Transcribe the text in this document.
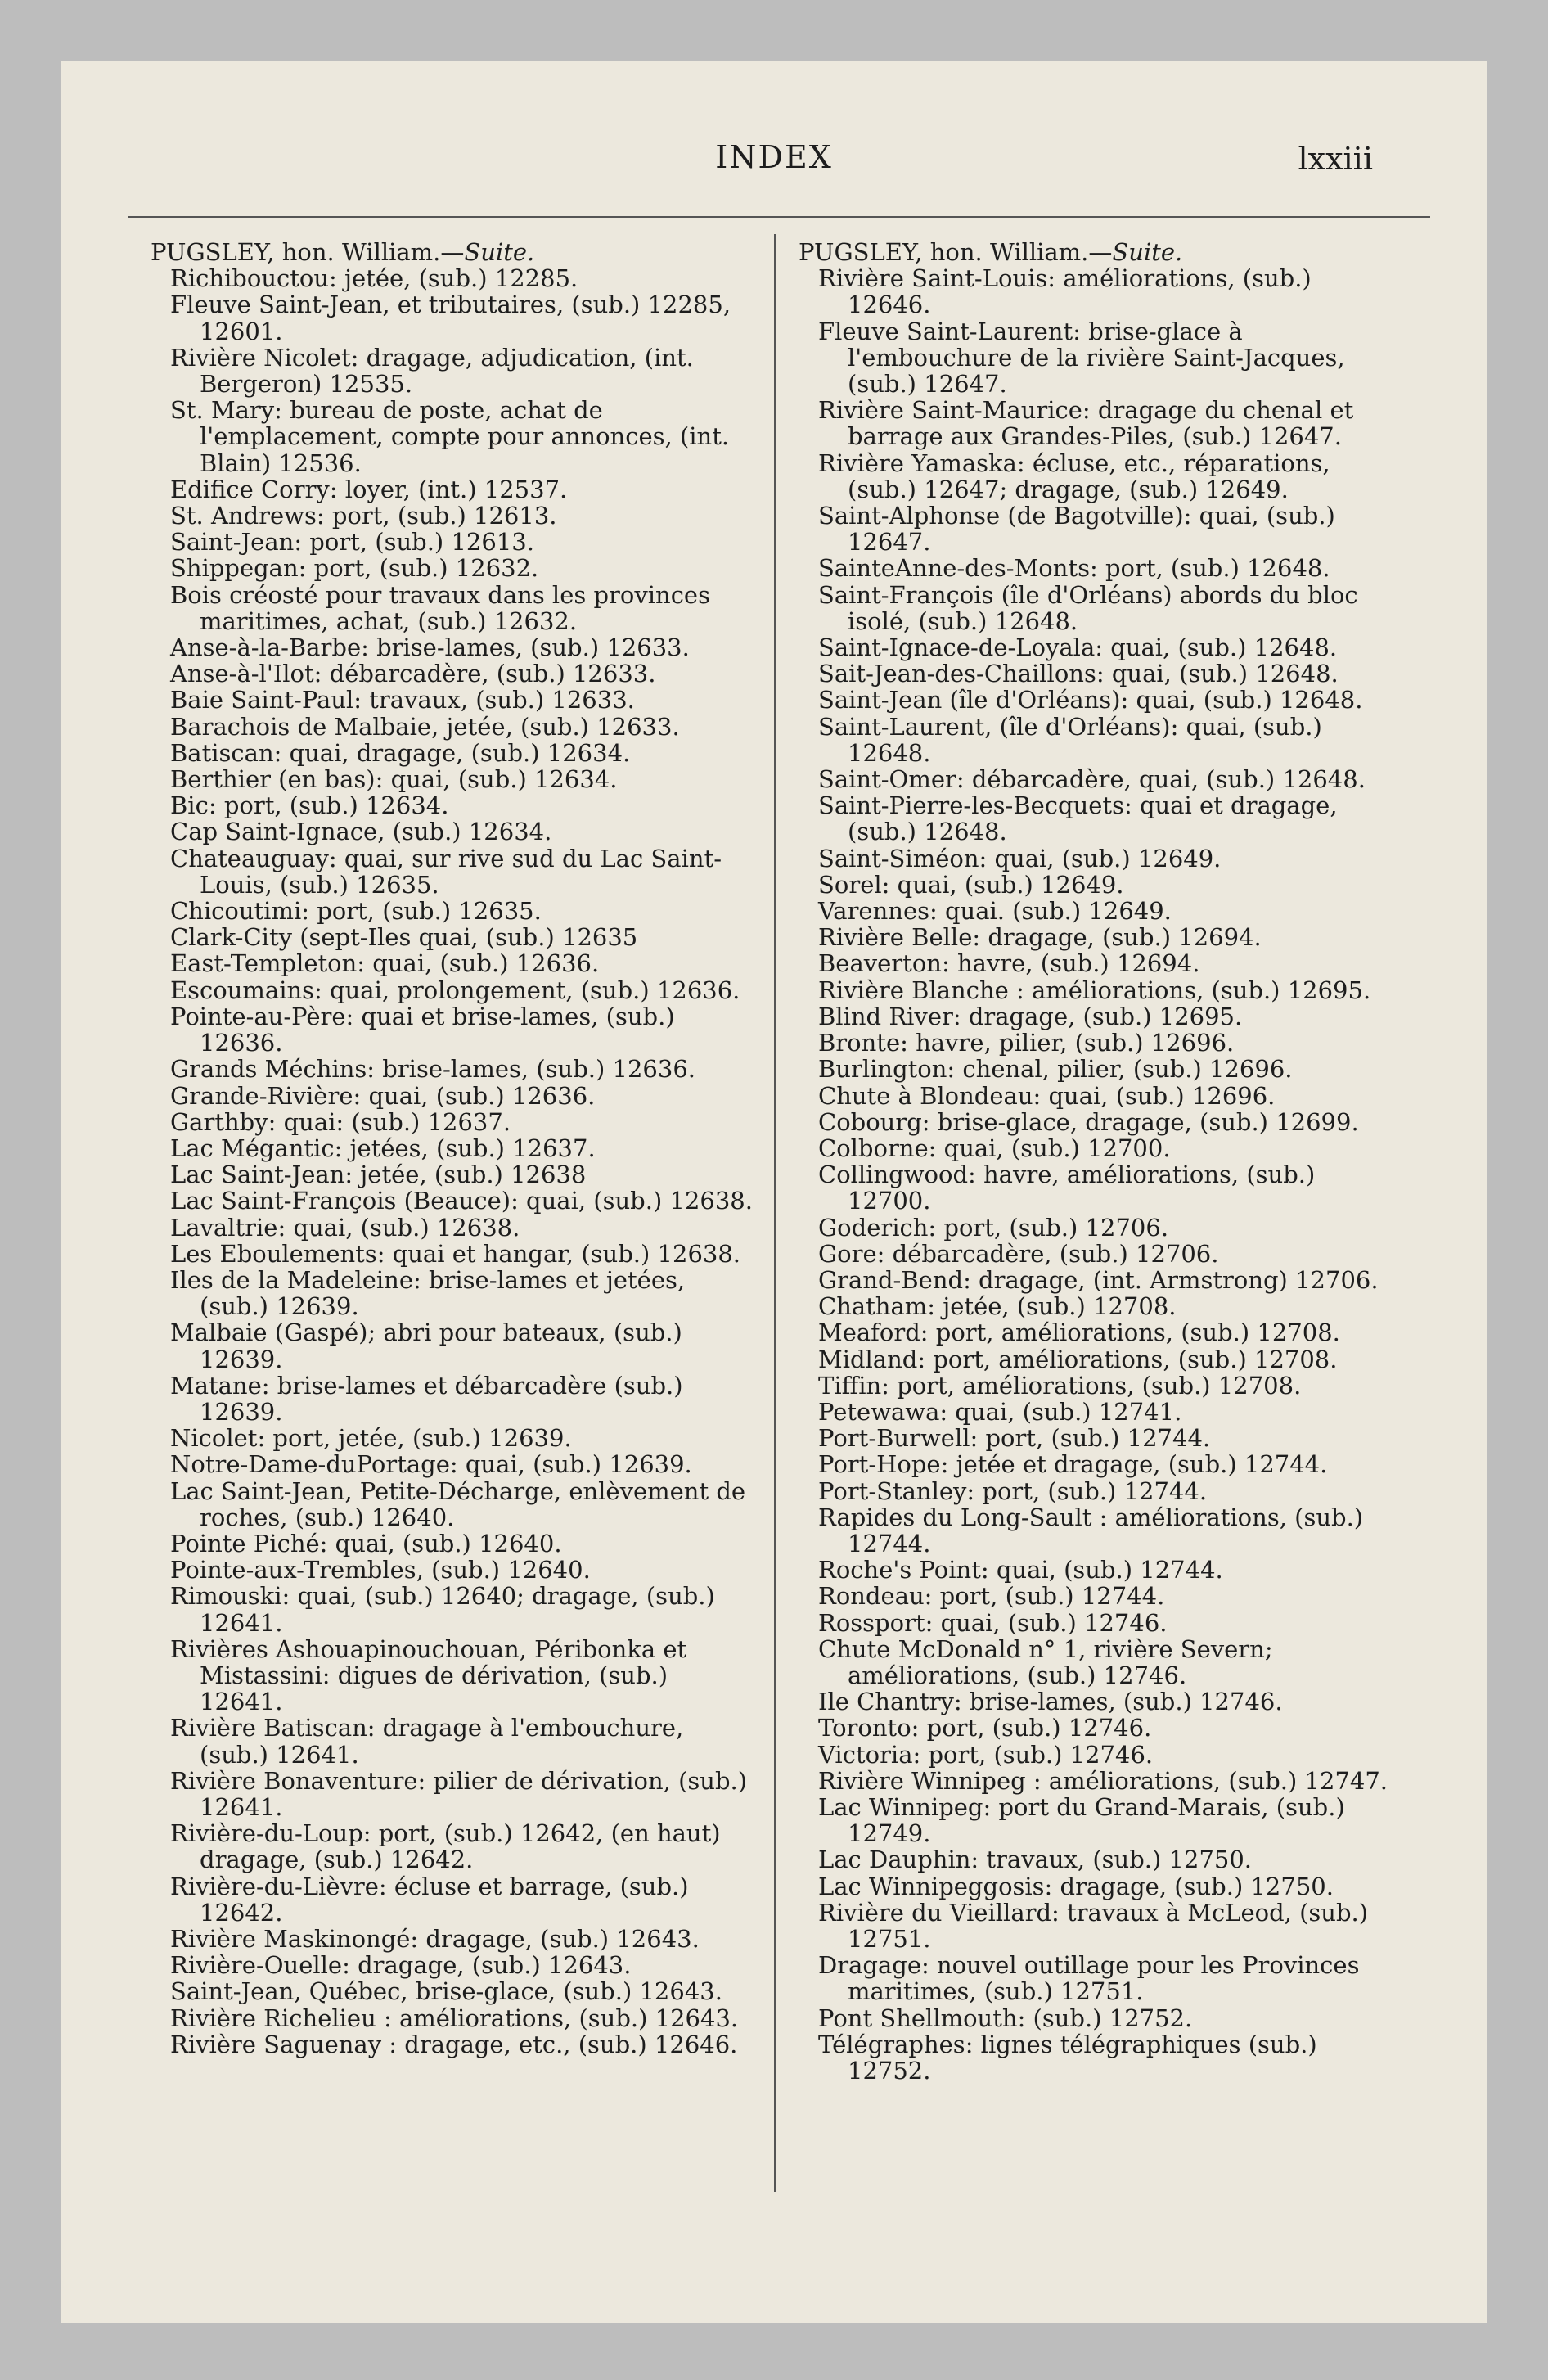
INDEX	lxxiii

PUGSLEY, hon. William.—Suite.

Richibouctou: jetée, (sub.) 12285.

Fleuve Saint-Jean, et tributaires, (sub.) 12285, 12601.

Rivière Nicolet: dragage, adjudication, (int. Bergeron) 12535.

St. Mary: bureau de poste, achat de l'emplacement, compte pour annonces, (int. Blain) 12536.

Edifice Corry: loyer, (int.) 12537.

St. Andrews: port, (sub.) 12613.

Saint-Jean: port, (sub.) 12613.

Shippegan: port, (sub.) 12632.

Bois créosté pour travaux dans les provinces maritimes, achat, (sub.) 12632.

Anse-à-la-Barbe: brise-lames, (sub.) 12633.

Anse-à-l'Ilot: débarcadère, (sub.) 12633.

Baie Saint-Paul: travaux, (sub.) 12633.

Barachois de Malbaie, jetée, (sub.) 12633.

Batiscan: quai, dragage, (sub.) 12634.

Berthier (en bas): quai, (sub.) 12634.

Bic: port, (sub.) 12634.

Cap Saint-Ignace, (sub.) 12634.

Chateauguay: quai, sur rive sud du Lac Saint-Louis, (sub.) 12635.

Chicoutimi: port, (sub.) 12635.

Clark-City (sept-Iles quai, (sub.) 12635

East-Templeton: quai, (sub.) 12636.

Escoumains: quai, prolongement, (sub.) 12636.

Pointe-au-Père: quai et brise-lames, (sub.) 12636.

Grands Méchins: brise-lames, (sub.) 12636.

Grande-Rivière: quai, (sub.) 12636.

Garthby: quai: (sub.) 12637.

Lac Mégantic: jetées, (sub.) 12637.

Lac Saint-Jean: jetée, (sub.) 12638

Lac Saint-François (Beauce): quai, (sub.) 12638.

Lavaltrie: quai, (sub.) 12638.

Les Eboulements: quai et hangar, (sub.) 12638.

Iles de la Madeleine: brise-lames et jetées, (sub.) 12639.

Malbaie (Gaspé); abri pour bateaux, (sub.) 12639.

Matane: brise-lames et débarcadère (sub.) 12639.

Nicolet: port, jetée, (sub.) 12639.

Notre-Dame-duPortage: quai, (sub.) 12639.

Lac Saint-Jean, Petite-Décharge, enlèvement de roches, (sub.) 12640.

Pointe Piché: quai, (sub.) 12640.

Pointe-aux-Trembles, (sub.) 12640.

Rimouski: quai, (sub.) 12640; dragage, (sub.) 12641.

Rivières Ashouapinouchouan, Péribonka et Mistassini: digues de dérivation, (sub.) 12641.

Rivière Batiscan: dragage à l'embouchure, (sub.) 12641.

Rivière Bonaventure: pilier de dérivation, (sub.) 12641.

Rivière-du-Loup: port, (sub.) 12642, (en haut) dragage, (sub.) 12642.

Rivière-du-Lièvre: écluse et barrage, (sub.) 12642.

Rivière Maskinongé: dragage, (sub.) 12643.

Rivière-Ouelle: dragage, (sub.) 12643.

Saint-Jean, Québec, brise-glace, (sub.) 12643.

Rivière Richelieu : améliorations, (sub.) 12643.

Rivière Saguenay : dragage, etc., (sub.) 12646.

PUGSLEY, hon. William.—Suite.

Rivière Saint-Louis: améliorations, (sub.) 12646.

Fleuve Saint-Laurent: brise-glace à l'embouchure de la rivière Saint-Jacques, (sub.) 12647.

Rivière Saint-Maurice: dragage du chenal et barrage aux Grandes-Piles, (sub.) 12647.

Rivière Yamaska: écluse, etc., réparations, (sub.) 12647; dragage, (sub.) 12649.

Saint-Alphonse (de Bagotville): quai, (sub.) 12647.

SainteAnne-des-Monts: port, (sub.) 12648.

Saint-François (île d'Orléans) abords du bloc isolé, (sub.) 12648.

Saint-Ignace-de-Loyala: quai, (sub.) 12648.

Sait-Jean-des-Chaillons: quai, (sub.) 12648.

Saint-Jean (île d'Orléans): quai, (sub.) 12648.

Saint-Laurent, (île d'Orléans): quai, (sub.) 12648.

Saint-Omer: débarcadère, quai, (sub.) 12648.

Saint-Pierre-les-Becquets: quai et dragage, (sub.) 12648.

Saint-Siméon: quai, (sub.) 12649.

Sorel: quai, (sub.) 12649.

Varennes: quai. (sub.) 12649.

Rivière Belle: dragage, (sub.) 12694.

Beaverton: havre, (sub.) 12694.

Rivière Blanche : améliorations, (sub.) 12695.

Blind River: dragage, (sub.) 12695.

Bronte: havre, pilier, (sub.) 12696.

Burlington: chenal, pilier, (sub.) 12696.

Chute à Blondeau: quai, (sub.) 12696.

Cobourg: brise-glace, dragage, (sub.) 12699.

Colborne: quai, (sub.) 12700.

Collingwood: havre, améliorations, (sub.) 12700.

Goderich: port, (sub.) 12706.

Gore: débarcadère, (sub.) 12706.

Grand-Bend: dragage, (int. Armstrong) 12706.

Chatham: jetée, (sub.) 12708.

Meaford: port, améliorations, (sub.) 12708.

Midland: port, améliorations, (sub.) 12708.

Tiffin: port, améliorations, (sub.) 12708.

Petewawa: quai, (sub.) 12741.

Port-Burwell: port, (sub.) 12744.

Port-Hope: jetée et dragage, (sub.) 12744.

Port-Stanley: port, (sub.) 12744.

Rapides du Long-Sault : améliorations, (sub.) 12744.

Roche's Point: quai, (sub.) 12744.

Rondeau: port, (sub.) 12744.

Rossport: quai, (sub.) 12746.

Chute McDonald n° 1, rivière Severn; améliorations, (sub.) 12746.

Ile Chantry: brise-lames, (sub.) 12746.

Toronto: port, (sub.) 12746.

Victoria: port, (sub.) 12746.

Rivière Winnipeg : améliorations, (sub.) 12747.

Lac Winnipeg: port du Grand-Marais, (sub.) 12749.

Lac Dauphin: travaux, (sub.) 12750.

Lac Winnipeggosis: dragage, (sub.) 12750.

Rivière du Vieillard: travaux à McLeod, (sub.) 12751.

Dragage: nouvel outillage pour les Provinces maritimes, (sub.) 12751.

Pont Shellmouth: (sub.) 12752.

Télégraphes: lignes télégraphiques (sub.) 12752.
